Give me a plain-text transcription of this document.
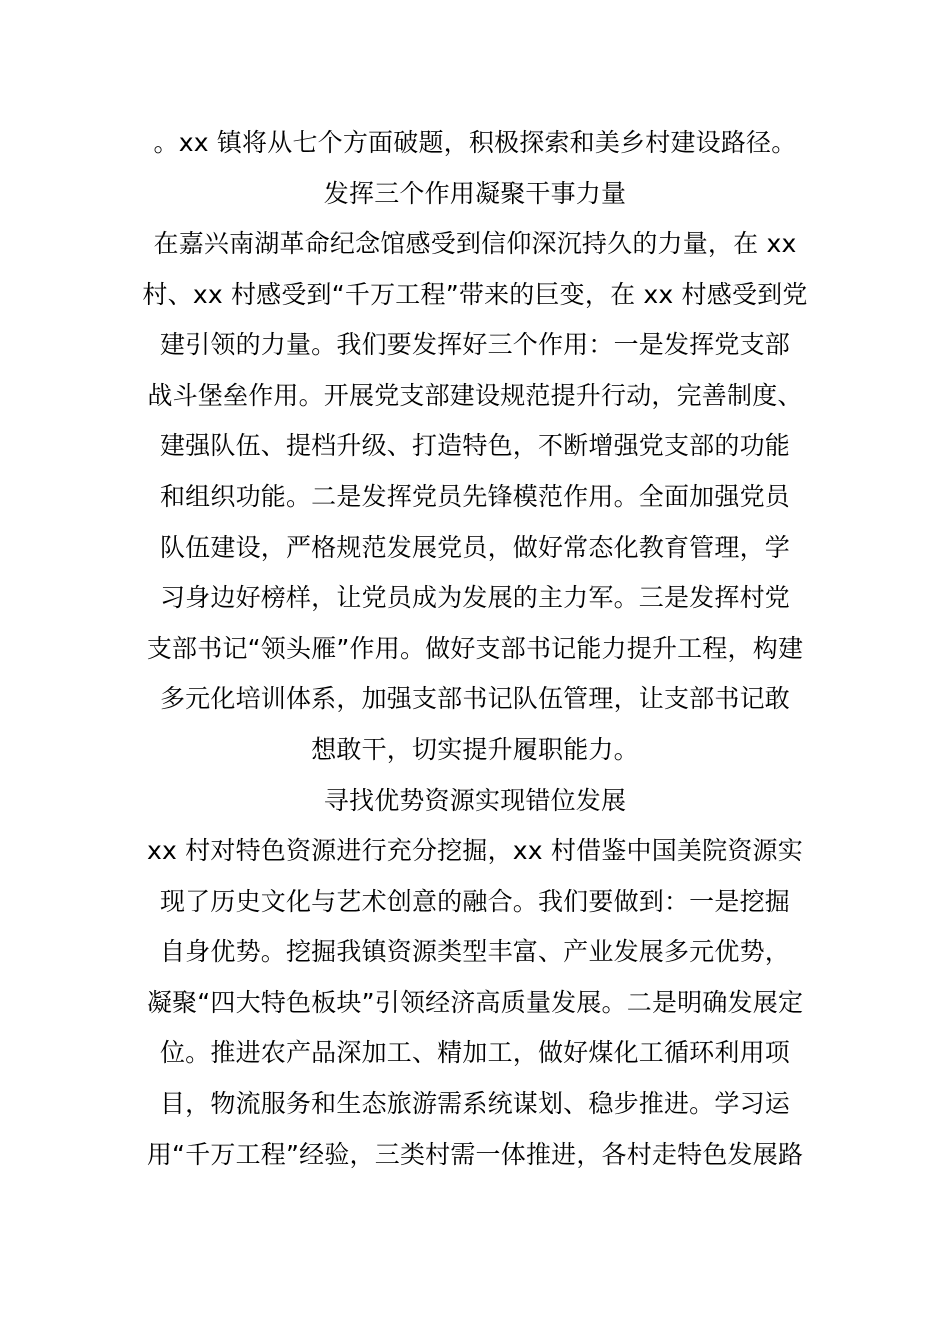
。xx 镇将从七个方面破题，积极探索和美乡村建设路径。
发挥三个作用凝聚干事力量
在嘉兴南湖革命纪念馆感受到信仰深沉持久的力量，在 xx
村、xx 村感受到“千万工程”带来的巨变，在 xx 村感受到党
建引领的力量。我们要发挥好三个作用：一是发挥党支部
战斗堡垒作用。开展党支部建设规范提升行动，完善制度、
建强队伍、提档升级、打造特色，不断增强党支部的功能
和组织功能。二是发挥党员先锋模范作用。全面加强党员
队伍建设，严格规范发展党员，做好常态化教育管理，学
习身边好榜样，让党员成为发展的主力军。三是发挥村党
支部书记“领头雁”作用。做好支部书记能力提升工程，构建
多元化培训体系，加强支部书记队伍管理，让支部书记敢
想敢干，切实提升履职能力。
寻找优势资源实现错位发展
xx 村对特色资源进行充分挖掘，xx 村借鉴中国美院资源实
现了历史文化与艺术创意的融合。我们要做到：一是挖掘
自身优势。挖掘我镇资源类型丰富、产业发展多元优势，
凝聚“四大特色板块”引领经济高质量发展。二是明确发展定
位。推进农产品深加工、精加工，做好煤化工循环利用项
目，物流服务和生态旅游需系统谋划、稳步推进。学习运
用“千万工程”经验，三类村需一体推进，各村走特色发展路
